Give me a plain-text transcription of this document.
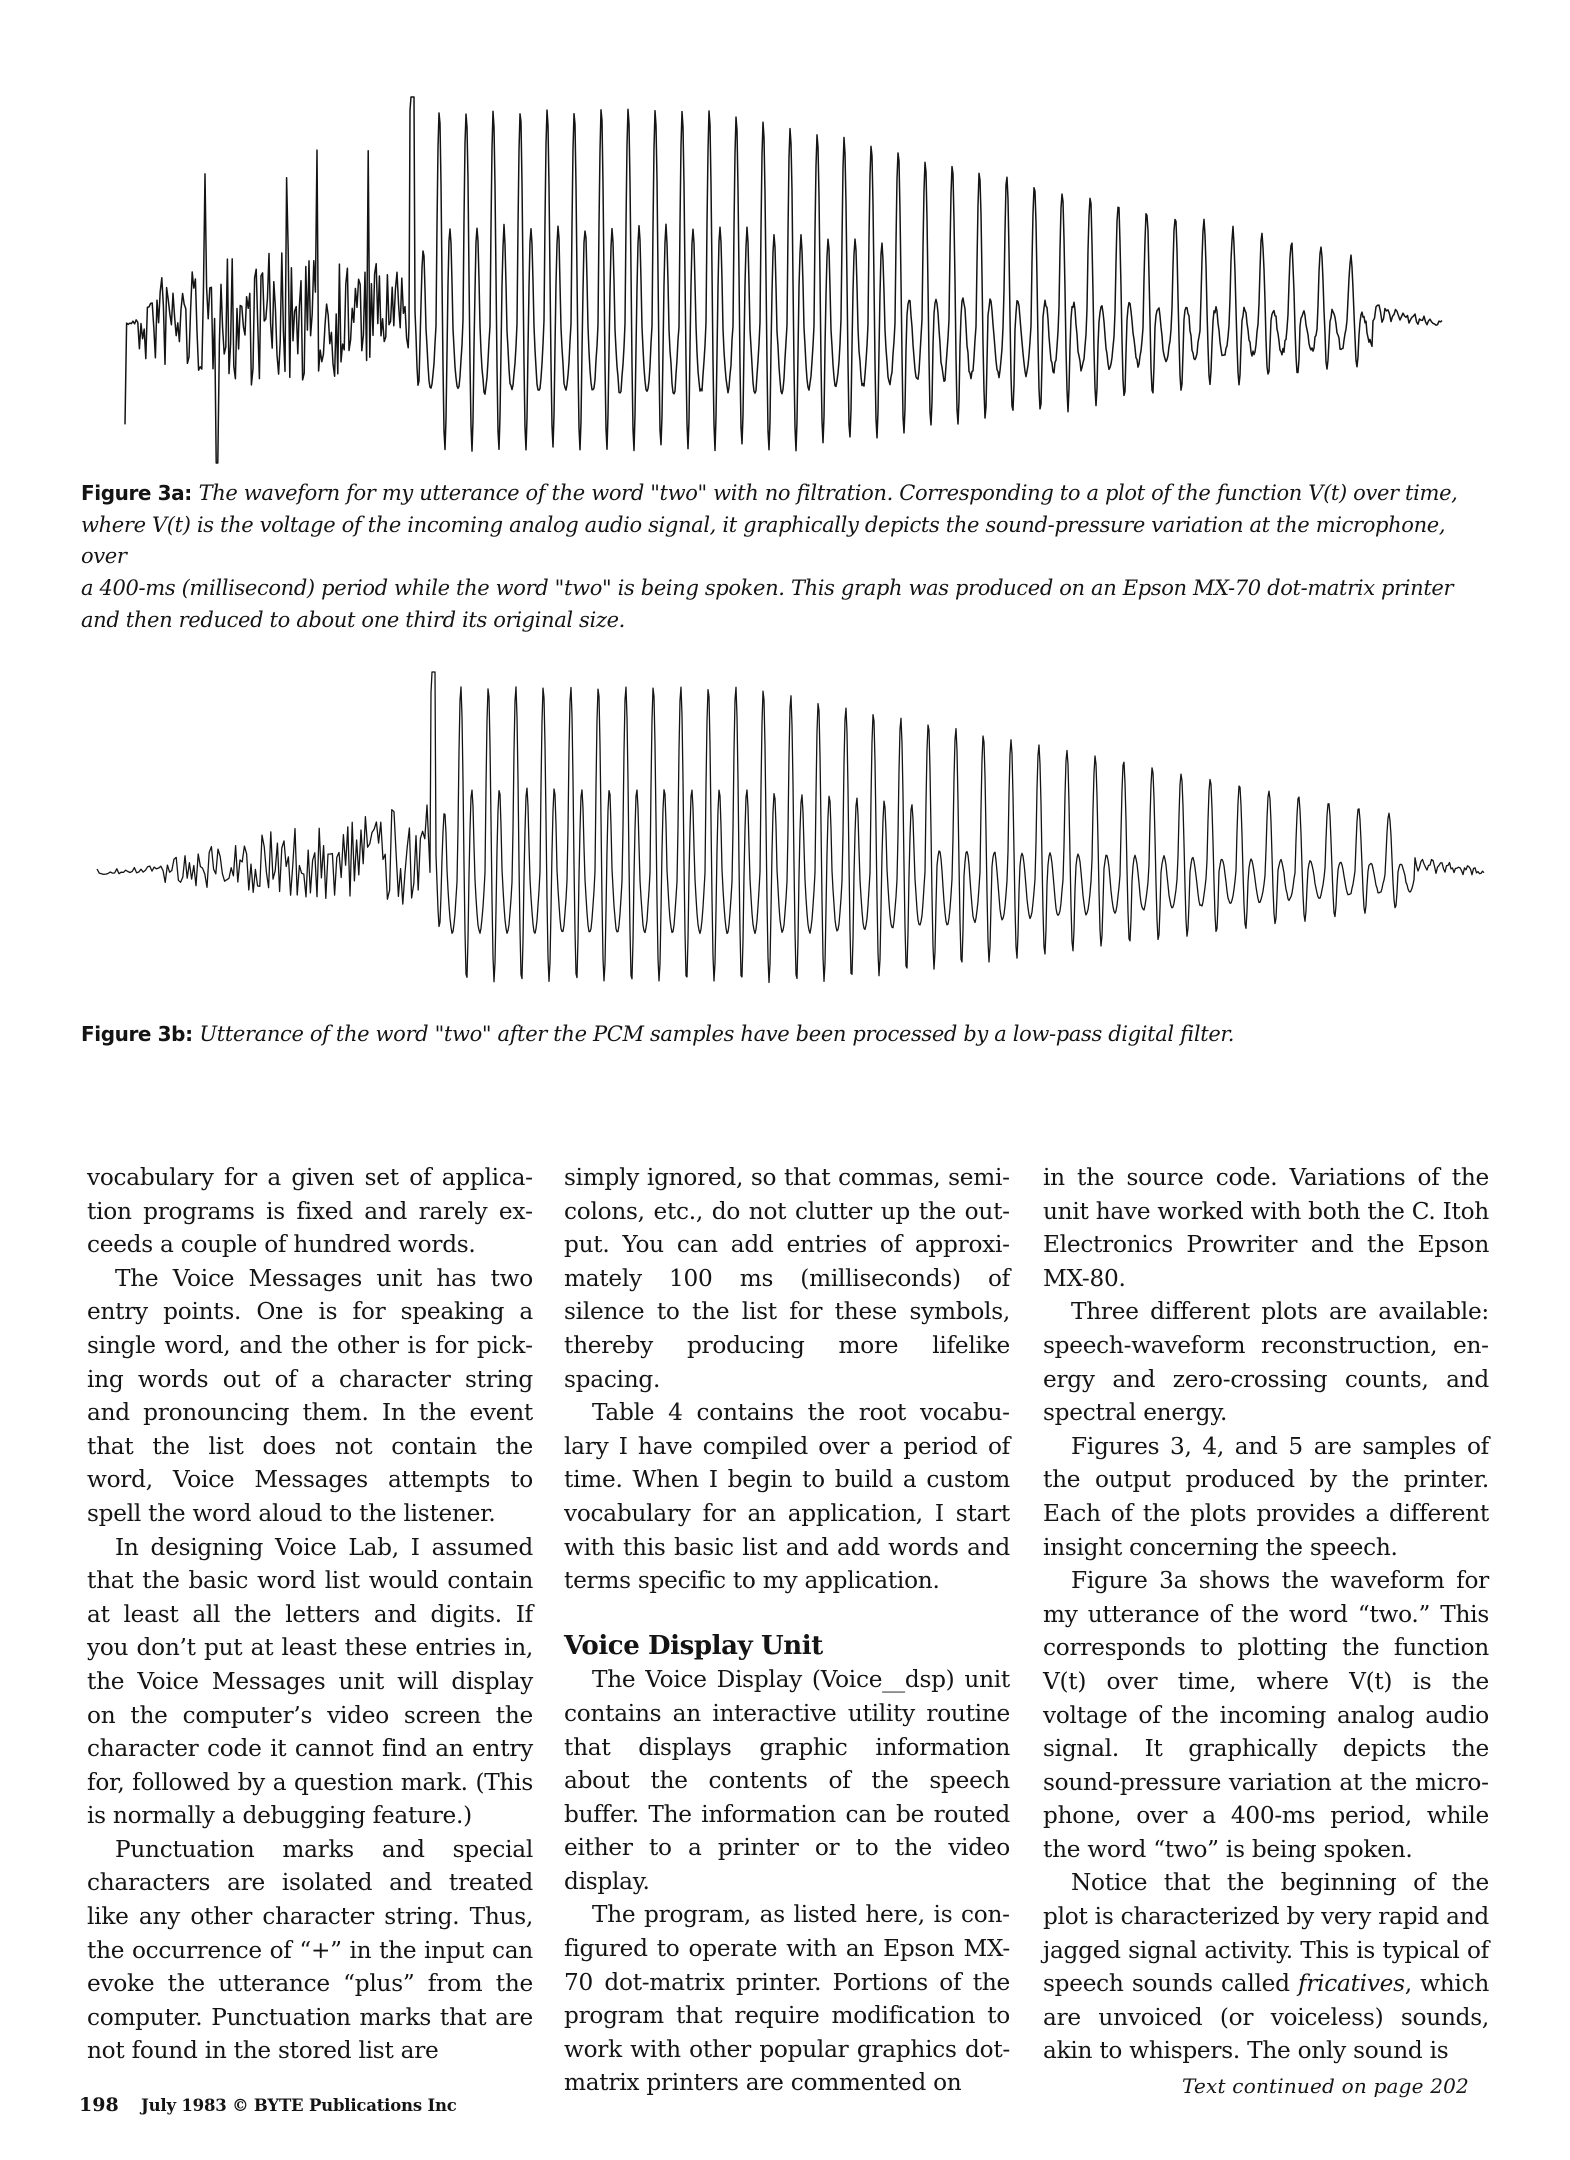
Figure 3a: The waveforn for my utterance of the word "two" with no filtration. Corresponding to a plot of the function V(t) over time,
where V(t) is the voltage of the incoming analog audio signal, it graphically depicts the sound-pressure variation at the microphone, over
a 400-ms (millisecond) period while the word "two" is being spoken. This graph was produced on an Epson MX-70 dot-matrix printer
and then reduced to about one third its original size.
Figure 3b: Utterance of the word "two" after the PCM samples have been processed by a low-pass digital filter.

vocabulary for a given set of application programs is fixed and rarely exceeds a couple of hundred words.

The Voice Messages unit has two entry points. One is for speaking a single word, and the other is for picking words out of a character string and pronouncing them. In the event that the list does not contain the word, Voice Messages attempts to spell the word aloud to the listener.

In designing Voice Lab, I assumed that the basic word list would contain at least all the letters and digits. If you don’t put at least these entries in, the Voice Messages unit will display on the computer’s video screen the character code it cannot find an entry for, followed by a question mark. (This is normally a debugging feature.)

Punctuation marks and special characters are isolated and treated like any other character string. Thus, the occurrence of “+” in the input can evoke the utterance “plus” from the computer. Punctuation marks that are not found in the stored list are

simply ignored, so that commas, semicolons, etc., do not clutter up the output. You can add entries of approximately 100 ms (milliseconds) of silence to the list for these symbols, thereby producing more lifelike spacing.

Table 4 contains the root vocabulary I have compiled over a period of time. When I begin to build a custom vocabulary for an application, I start with this basic list and add words and terms specific to my application.

Voice Display Unit

The Voice Display (Voice__dsp) unit contains an interactive utility routine that displays graphic information about the contents of the speech buffer. The information can be routed either to a printer or to the video display.

The program, as listed here, is configured to operate with an Epson MX-70 dot-matrix printer. Portions of the program that require modification to work with other popular graphics dot-matrix printers are commented on

in the source code. Variations of the unit have worked with both the C. Itoh Electronics Prowriter and the Epson MX-80.

Three different plots are available: speech-waveform reconstruction, energy and zero-crossing counts, and spectral energy.

Figures 3, 4, and 5 are samples of the output produced by the printer. Each of the plots provides a different insight concerning the speech.

Figure 3a shows the waveform for my utterance of the word “two.” This corresponds to plotting the function V(t) over time, where V(t) is the voltage of the incoming analog audio signal. It graphically depicts the sound-pressure variation at the microphone, over a 400-ms period, while the word “two” is being spoken.

Notice that the beginning of the plot is characterized by very rapid and jagged signal activity. This is typical of speech sounds called fricatives, which are unvoiced (or voiceless) sounds, akin to whispers. The only sound is

Text continued on page 202
198 July 1983 © BYTE Publications Inc
